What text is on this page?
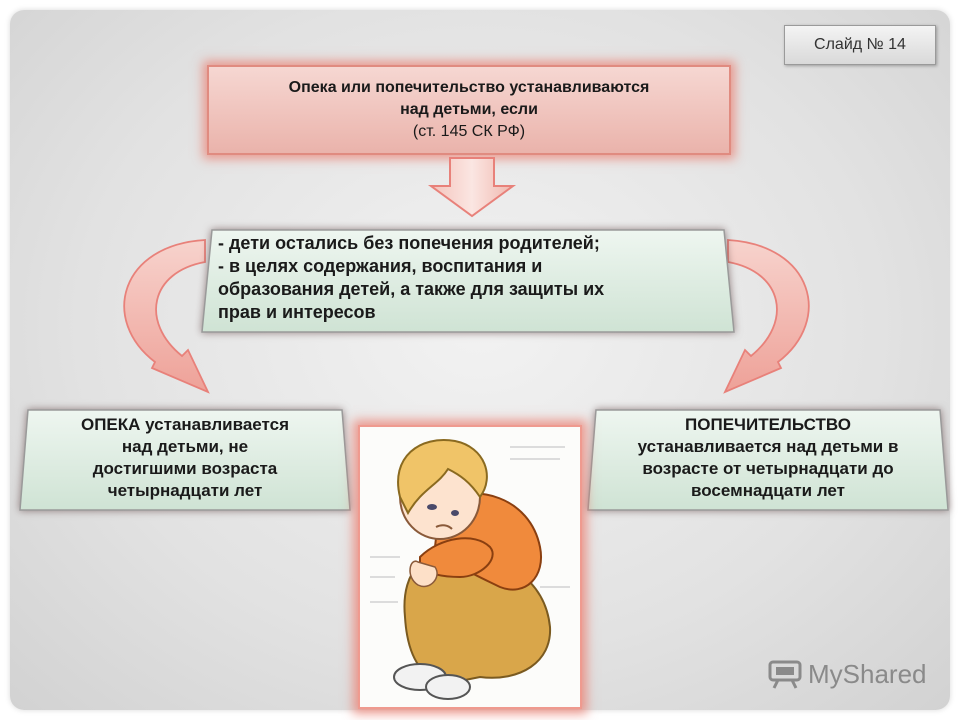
Слайд № 14
Опека или попечительство устанавливаются
над детьми, если
(ст. 145 СК РФ)
- дети остались без попечения родителей;
- в целях содержания, воспитания и
образования детей, а также для защиты их
прав и интересов
ОПЕКА устанавливается
над детьми, не
достигшими возраста
четырнадцати лет
ПОПЕЧИТЕЛЬСТВО
устанавливается над детьми в
возрасте от четырнадцати до
восемнадцати лет
MyShared
